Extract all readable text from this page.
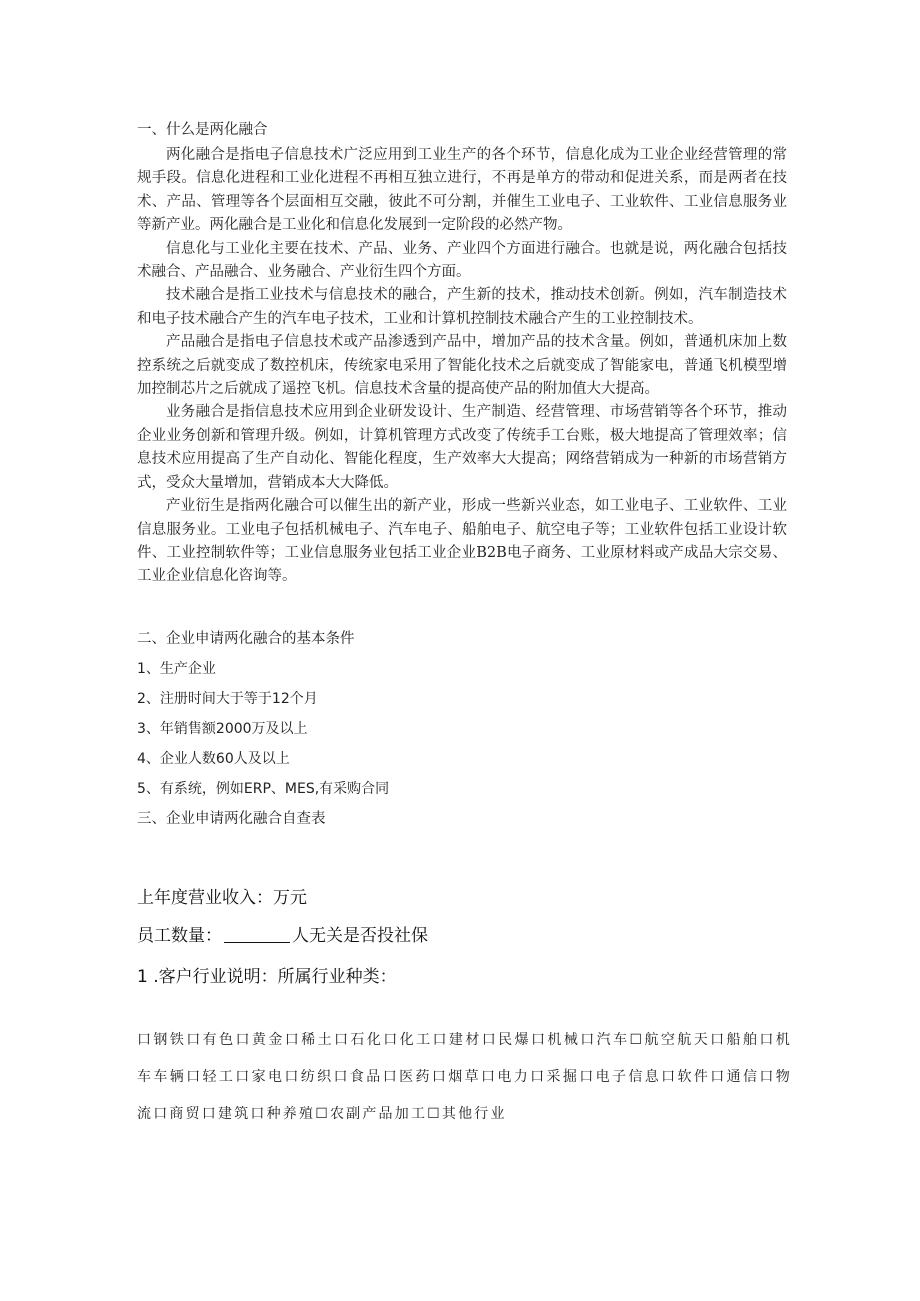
一、什么是两化融合

两化融合是指电子信息技术广泛应用到工业生产的各个环节，信息化成为工业企业经营管理的常规手段。信息化进程和工业化进程不再相互独立进行，不再是单方的带动和促进关系，而是两者在技术、产品、管理等各个层面相互交融，彼此不可分割，并催生工业电子、工业软件、工业信息服务业等新产业。两化融合是工业化和信息化发展到一定阶段的必然产物。

信息化与工业化主要在技术、产品、业务、产业四个方面进行融合。也就是说，两化融合包括技术融合、产品融合、业务融合、产业衍生四个方面。

技术融合是指工业技术与信息技术的融合，产生新的技术，推动技术创新。例如，汽车制造技术和电子技术融合产生的汽车电子技术，工业和计算机控制技术融合产生的工业控制技术。

产品融合是指电子信息技术或产品渗透到产品中，增加产品的技术含量。例如，普通机床加上数控系统之后就变成了数控机床，传统家电采用了智能化技术之后就变成了智能家电，普通飞机模型增加控制芯片之后就成了遥控飞机。信息技术含量的提高使产品的附加值大大提高。

业务融合是指信息技术应用到企业研发设计、生产制造、经营管理、市场营销等各个环节，推动企业业务创新和管理升级。例如，计算机管理方式改变了传统手工台账，极大地提高了管理效率；信息技术应用提高了生产自动化、智能化程度，生产效率大大提高；网络营销成为一种新的市场营销方式，受众大量增加，营销成本大大降低。

产业衍生是指两化融合可以催生出的新产业，形成一些新兴业态，如工业电子、工业软件、工业信息服务业。工业电子包括机械电子、汽车电子、船舶电子、航空电子等；工业软件包括工业设计软件、工业控制软件等；工业信息服务业包括工业企业B2B电子商务、工业原材料或产成品大宗交易、工业企业信息化咨询等。

二、企业申请两化融合的基本条件
1、生产企业
2、注册时间大于等于12个月
3、年销售额2000万及以上
4、企业人数60人及以上
5、有系统，例如ERP、MES,有采购合同
三、企业申请两化融合自查表
上年度营业收入：万元
员工数量：	人无关是否投社保
1 .客户行业说明：所属行业种类：
口钢铁口有色口黄金口稀土口石化口化工口建材口民爆口机械口汽车☐航空航天口船舶口机车车辆口轻工口家电口纺织口食品口医药口烟草口电力口采掘口电子信息口软件口通信口物流口商贸口建筑口种养殖☐农副产品加工☐其他行业
